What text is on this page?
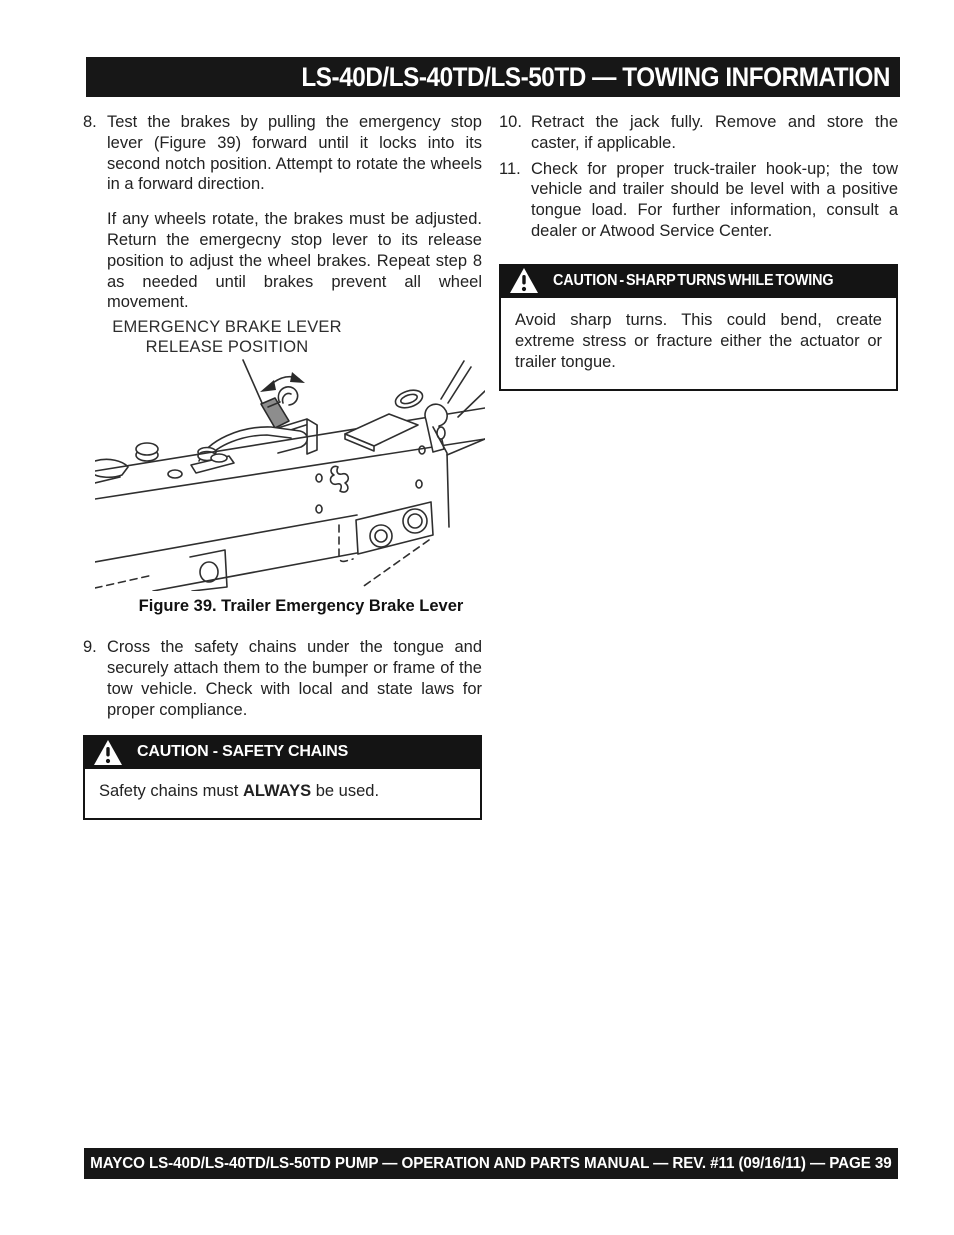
LS-40D/LS-40TD/LS-50TD — TOWING INFORMATION
8. Test the brakes by pulling the emergency stop lever (Figure 39) forward until it locks into its second notch position. Attempt to rotate the wheels in a forward direction.

If any wheels rotate, the brakes must be adjusted. Return the emergecny stop lever to its release position to adjust the wheel brakes. Repeat step 8 as needed until brakes prevent all wheel movement.

EMERGENCY BRAKE LEVER
RELEASE POSITION
Figure 39. Trailer Emergency Brake Lever
9. Cross the safety chains under the tongue and securely attach them to the bumper or frame of the tow vehicle. Check with local and state laws for proper compliance.

CAUTION - SAFETY CHAINS
Safety chains must ALWAYS be used.
10. Retract the jack fully. Remove and store the caster, if applicable.

11. Check for proper truck-trailer hook-up; the tow vehicle and trailer should be level with a positive tongue load. For further information, consult a dealer or Atwood Service Center.

CAUTION - SHARP TURNS WHILE TOWING
Avoid sharp turns. This could bend, create extreme stress or fracture either the actuator or trailer tongue.
MAYCO LS-40D/LS-40TD/LS-50TD PUMP — OPERATION AND PARTS MANUAL — REV. #11 (09/16/11) — PAGE 39
